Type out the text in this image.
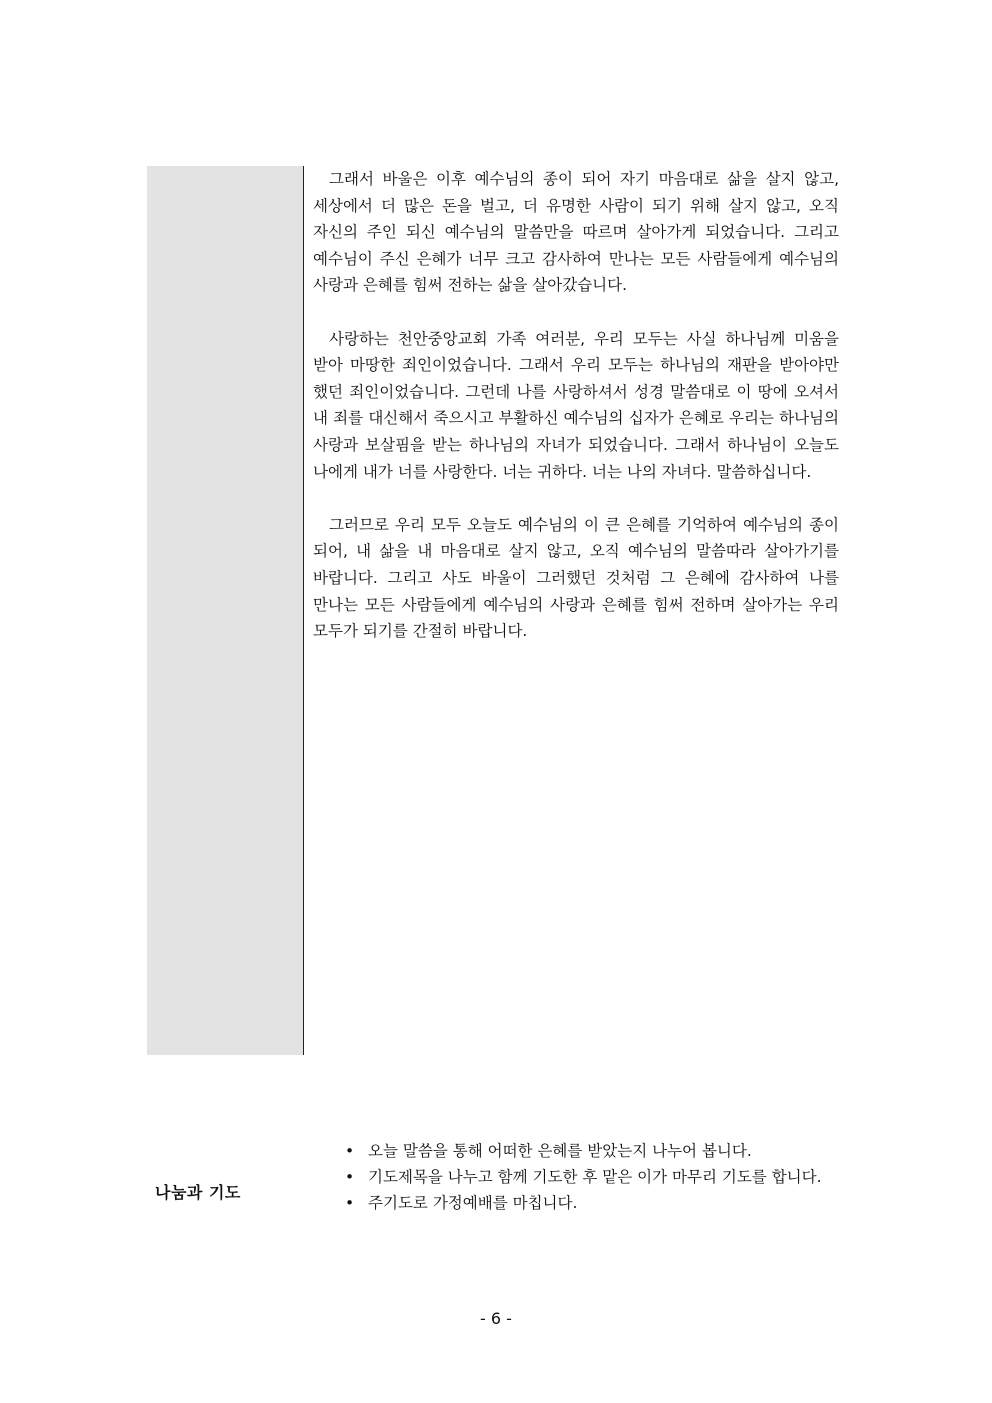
그래서 바울은 이후 예수님의 종이 되어 자기 마음대로 삶을 살지 않고, 세상에서 더 많은 돈을 벌고, 더 유명한 사람이 되기 위해 살지 않고, 오직 자신의 주인 되신 예수님의 말씀만을 따르며 살아가게 되었습니다. 그리고 예수님이 주신 은혜가 너무 크고 감사하여 만나는 모든 사람들에게 예수님의 사랑과 은혜를 힘써 전하는 삶을 살아갔습니다.

사랑하는 천안중앙교회 가족 여러분, 우리 모두는 사실 하나님께 미움을 받아 마땅한 죄인이었습니다. 그래서 우리 모두는 하나님의 재판을 받아야만 했던 죄인이었습니다. 그런데 나를 사랑하셔서 성경 말씀대로 이 땅에 오셔서 내 죄를 대신해서 죽으시고 부활하신 예수님의 십자가 은혜로 우리는 하나님의 사랑과 보살핌을 받는 하나님의 자녀가 되었습니다. 그래서 하나님이 오늘도 나에게 내가 너를 사랑한다. 너는 귀하다. 너는 나의 자녀다. 말씀하십니다.

그러므로 우리 모두 오늘도 예수님의 이 큰 은혜를 기억하여 예수님의 종이 되어, 내 삶을 내 마음대로 살지 않고, 오직 예수님의 말씀따라 살아가기를 바랍니다. 그리고 사도 바울이 그러했던 것처럼 그 은혜에 감사하여 나를 만나는 모든 사람들에게 예수님의 사랑과 은혜를 힘써 전하며 살아가는 우리 모두가 되기를 간절히 바랍니다.

나눔과 기도
• 오늘 말씀을 통해 어떠한 은혜를 받았는지 나누어 봅니다.
• 기도제목을 나누고 함께 기도한 후 맡은 이가 마무리 기도를 합니다.
• 주기도로 가정예배를 마칩니다.
- 6 -
